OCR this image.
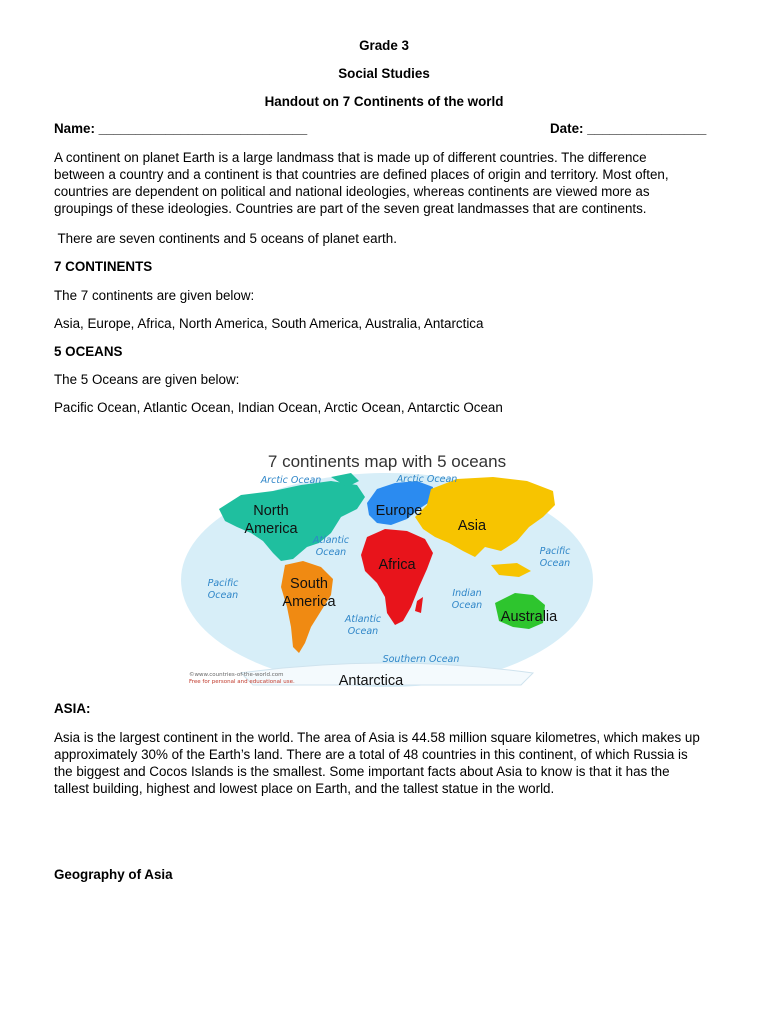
Grade 3
Social Studies
Handout on 7 Continents of the world
Name: ____________________________	Date: ________________
A continent on planet Earth is a large landmass that is made up of different countries. The difference
between a country and a continent is that countries are defined places of origin and territory. Most often,
countries are dependent on political and national ideologies, whereas continents are viewed more as
groupings of these ideologies. Countries are part of the seven great landmasses that are continents.
There are seven continents and 5 oceans of planet earth.
7 CONTINENTS
The 7 continents are given below:
Asia, Europe, Africa, North America, South America, Australia, Antarctica
5 OCEANS
The 5 Oceans are given below:
Pacific Ocean, Atlantic Ocean, Indian Ocean, Arctic Ocean, Antarctic Ocean
7 continents map with 5 oceans
North
America
South
America
Europe
Asia
Africa
Australia
Antarctica
Arctic Ocean	Arctic Ocean
Atlantic
Ocean
Atlantic
Ocean
Pacific
Ocean
Pacific
Ocean
Indian
Ocean
Southern Ocean
©www.countries-of-the-world.com
Free for personal and educational use.
ASIA:
Asia is the largest continent in the world. The area of Asia is 44.58 million square kilometres, which makes up
approximately 30% of the Earth’s land. There are a total of 48 countries in this continent, of which Russia is
the biggest and Cocos Islands is the smallest. Some important facts about Asia to know is that it has the
tallest building, highest and lowest place on Earth, and the tallest statue in the world.
Geography of Asia
